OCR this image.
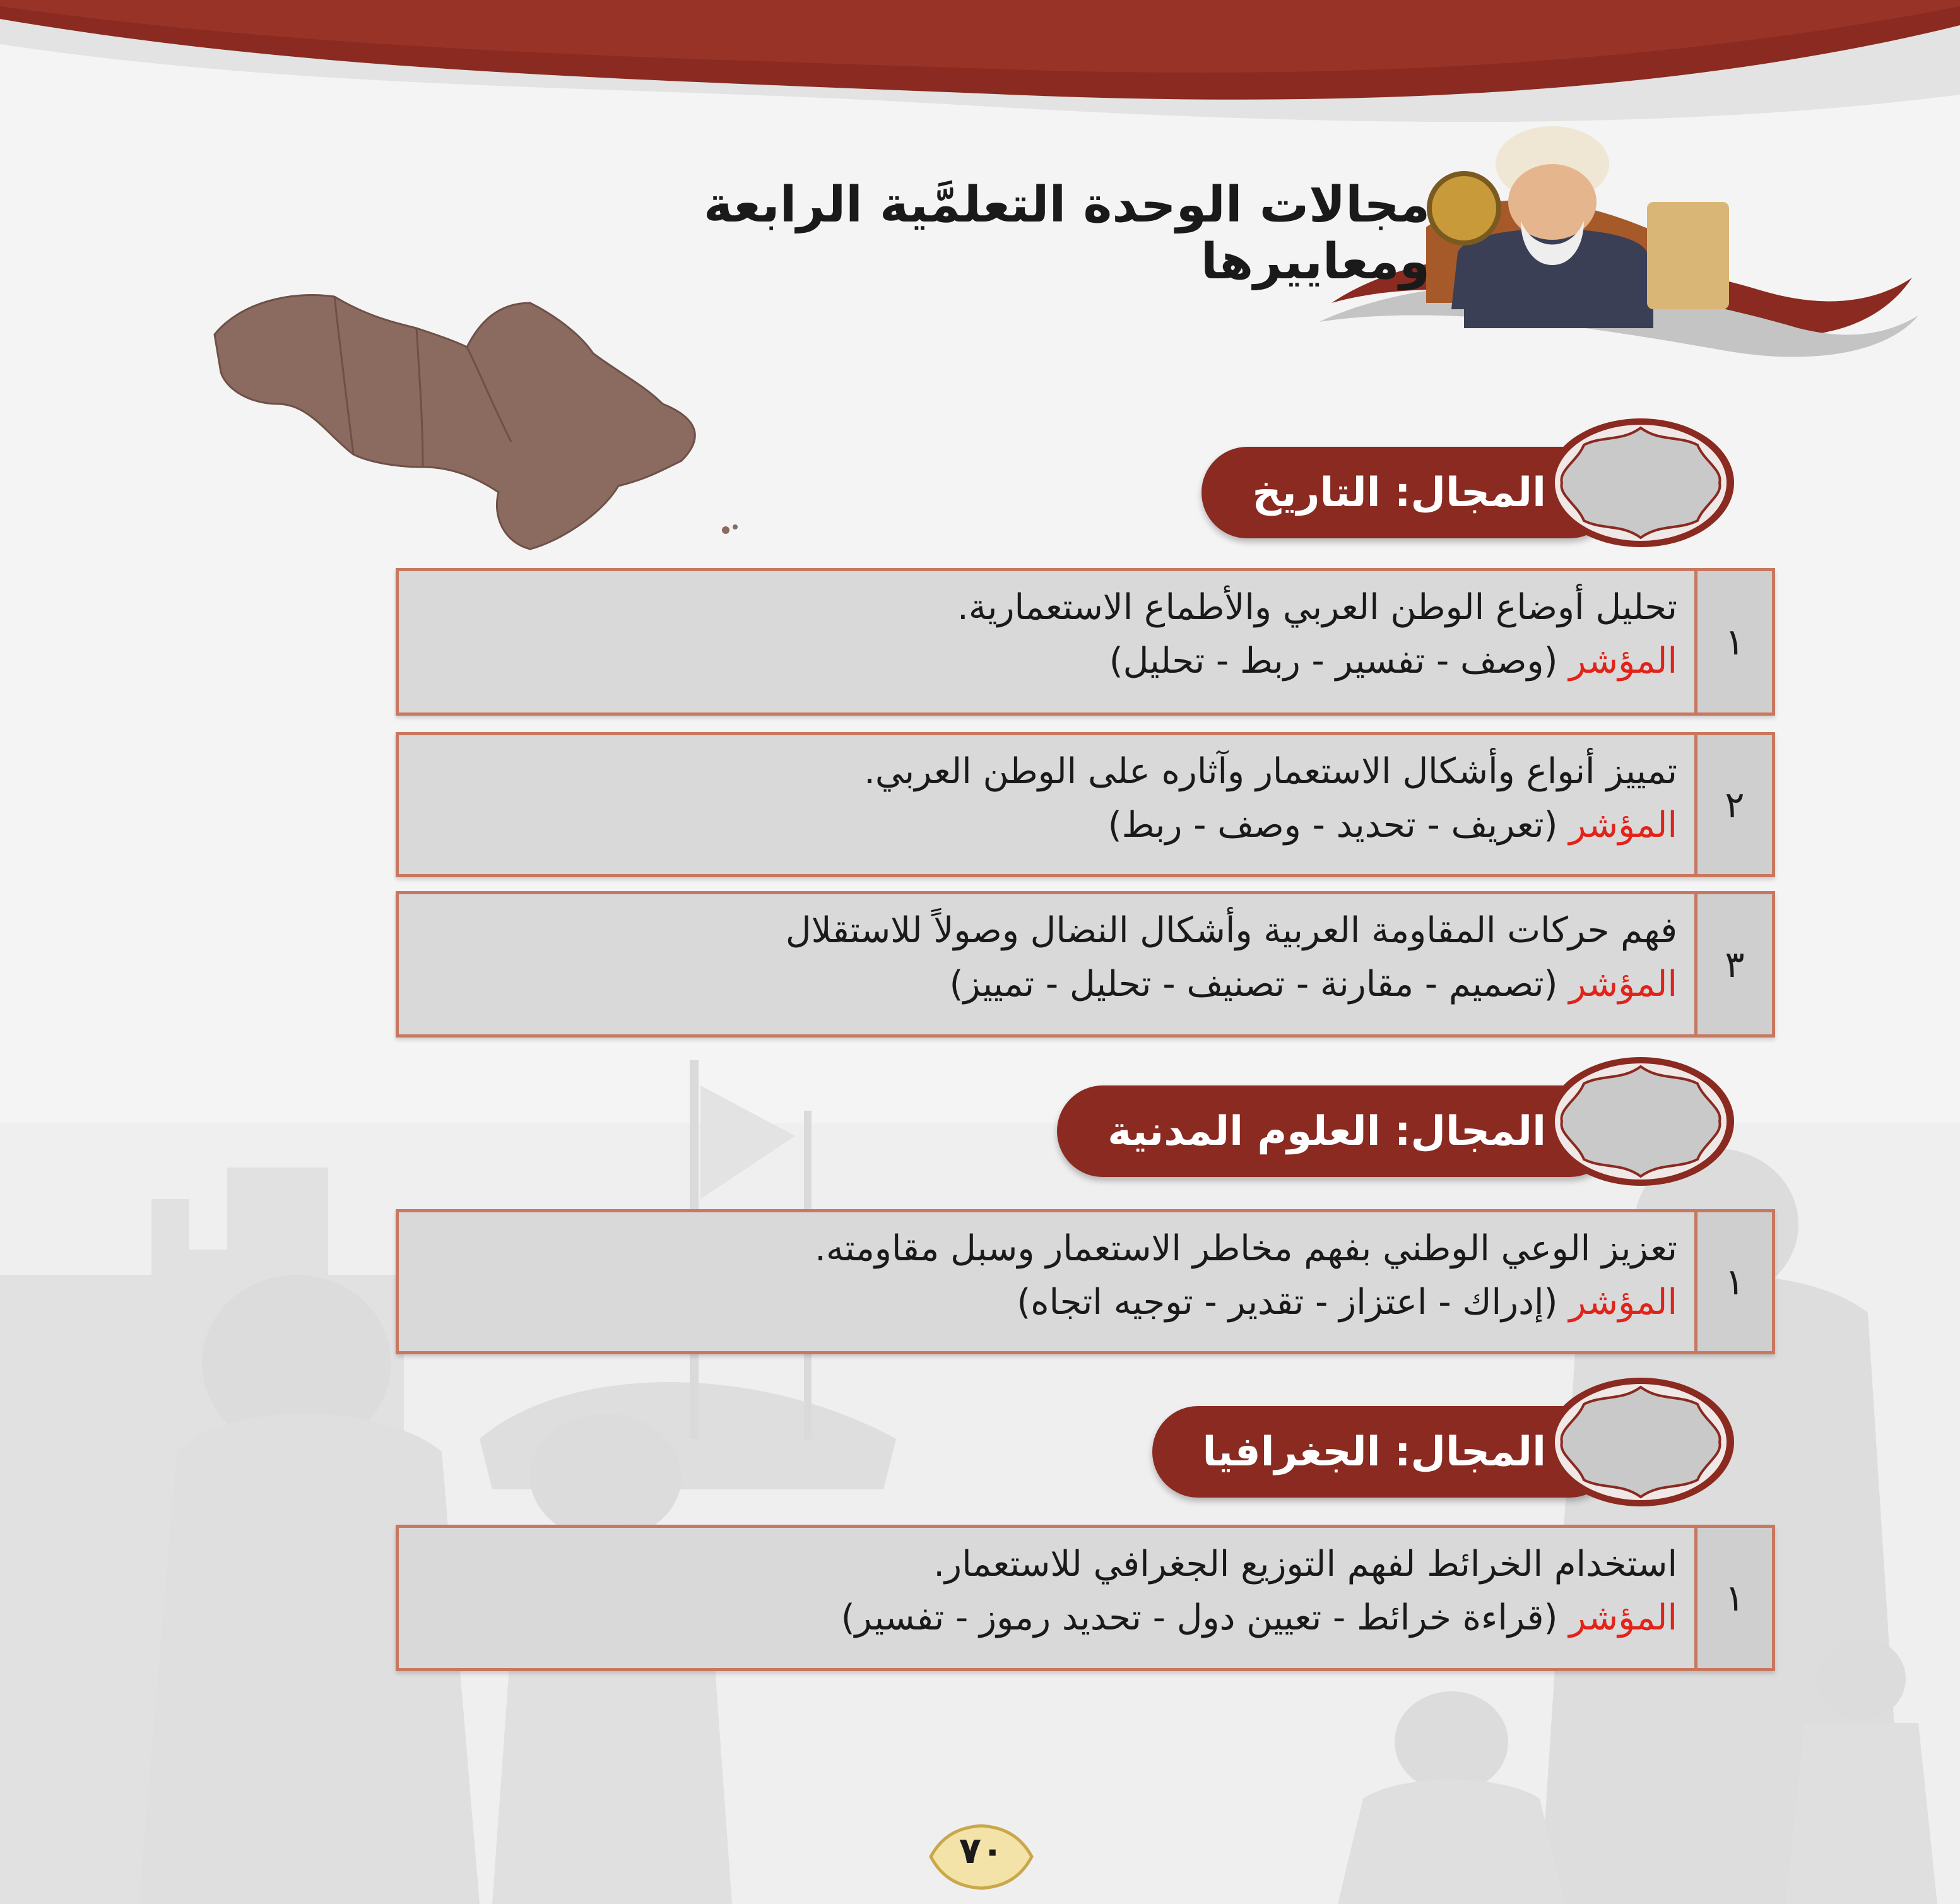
مجالات الوحدة التعلمَّية الرابعة ومعاييرها
المجال: التاريخ
١
تحليل أوضاع الوطن العربي والأطماع الاستعمارية.
المؤشر (وصف - تفسير - ربط - تحليل)
٢
تمييز أنواع وأشكال الاستعمار وآثاره على الوطن العربي.
المؤشر (تعريف - تحديد - وصف - ربط)
٣
فهم حركات المقاومة العربية وأشكال النضال وصولاً للاستقلال
المؤشر (تصميم - مقارنة - تصنيف - تحليل - تمييز)
المجال: العلوم المدنية
١
تعزيز الوعي الوطني بفهم مخاطر الاستعمار وسبل مقاومته.
المؤشر (إدراك - اعتزاز - تقدير - توجيه اتجاه)
المجال: الجغرافيا
١
استخدام الخرائط لفهم التوزيع الجغرافي للاستعمار.
المؤشر (قراءة خرائط - تعيين دول - تحديد رموز - تفسير)
٧٠
